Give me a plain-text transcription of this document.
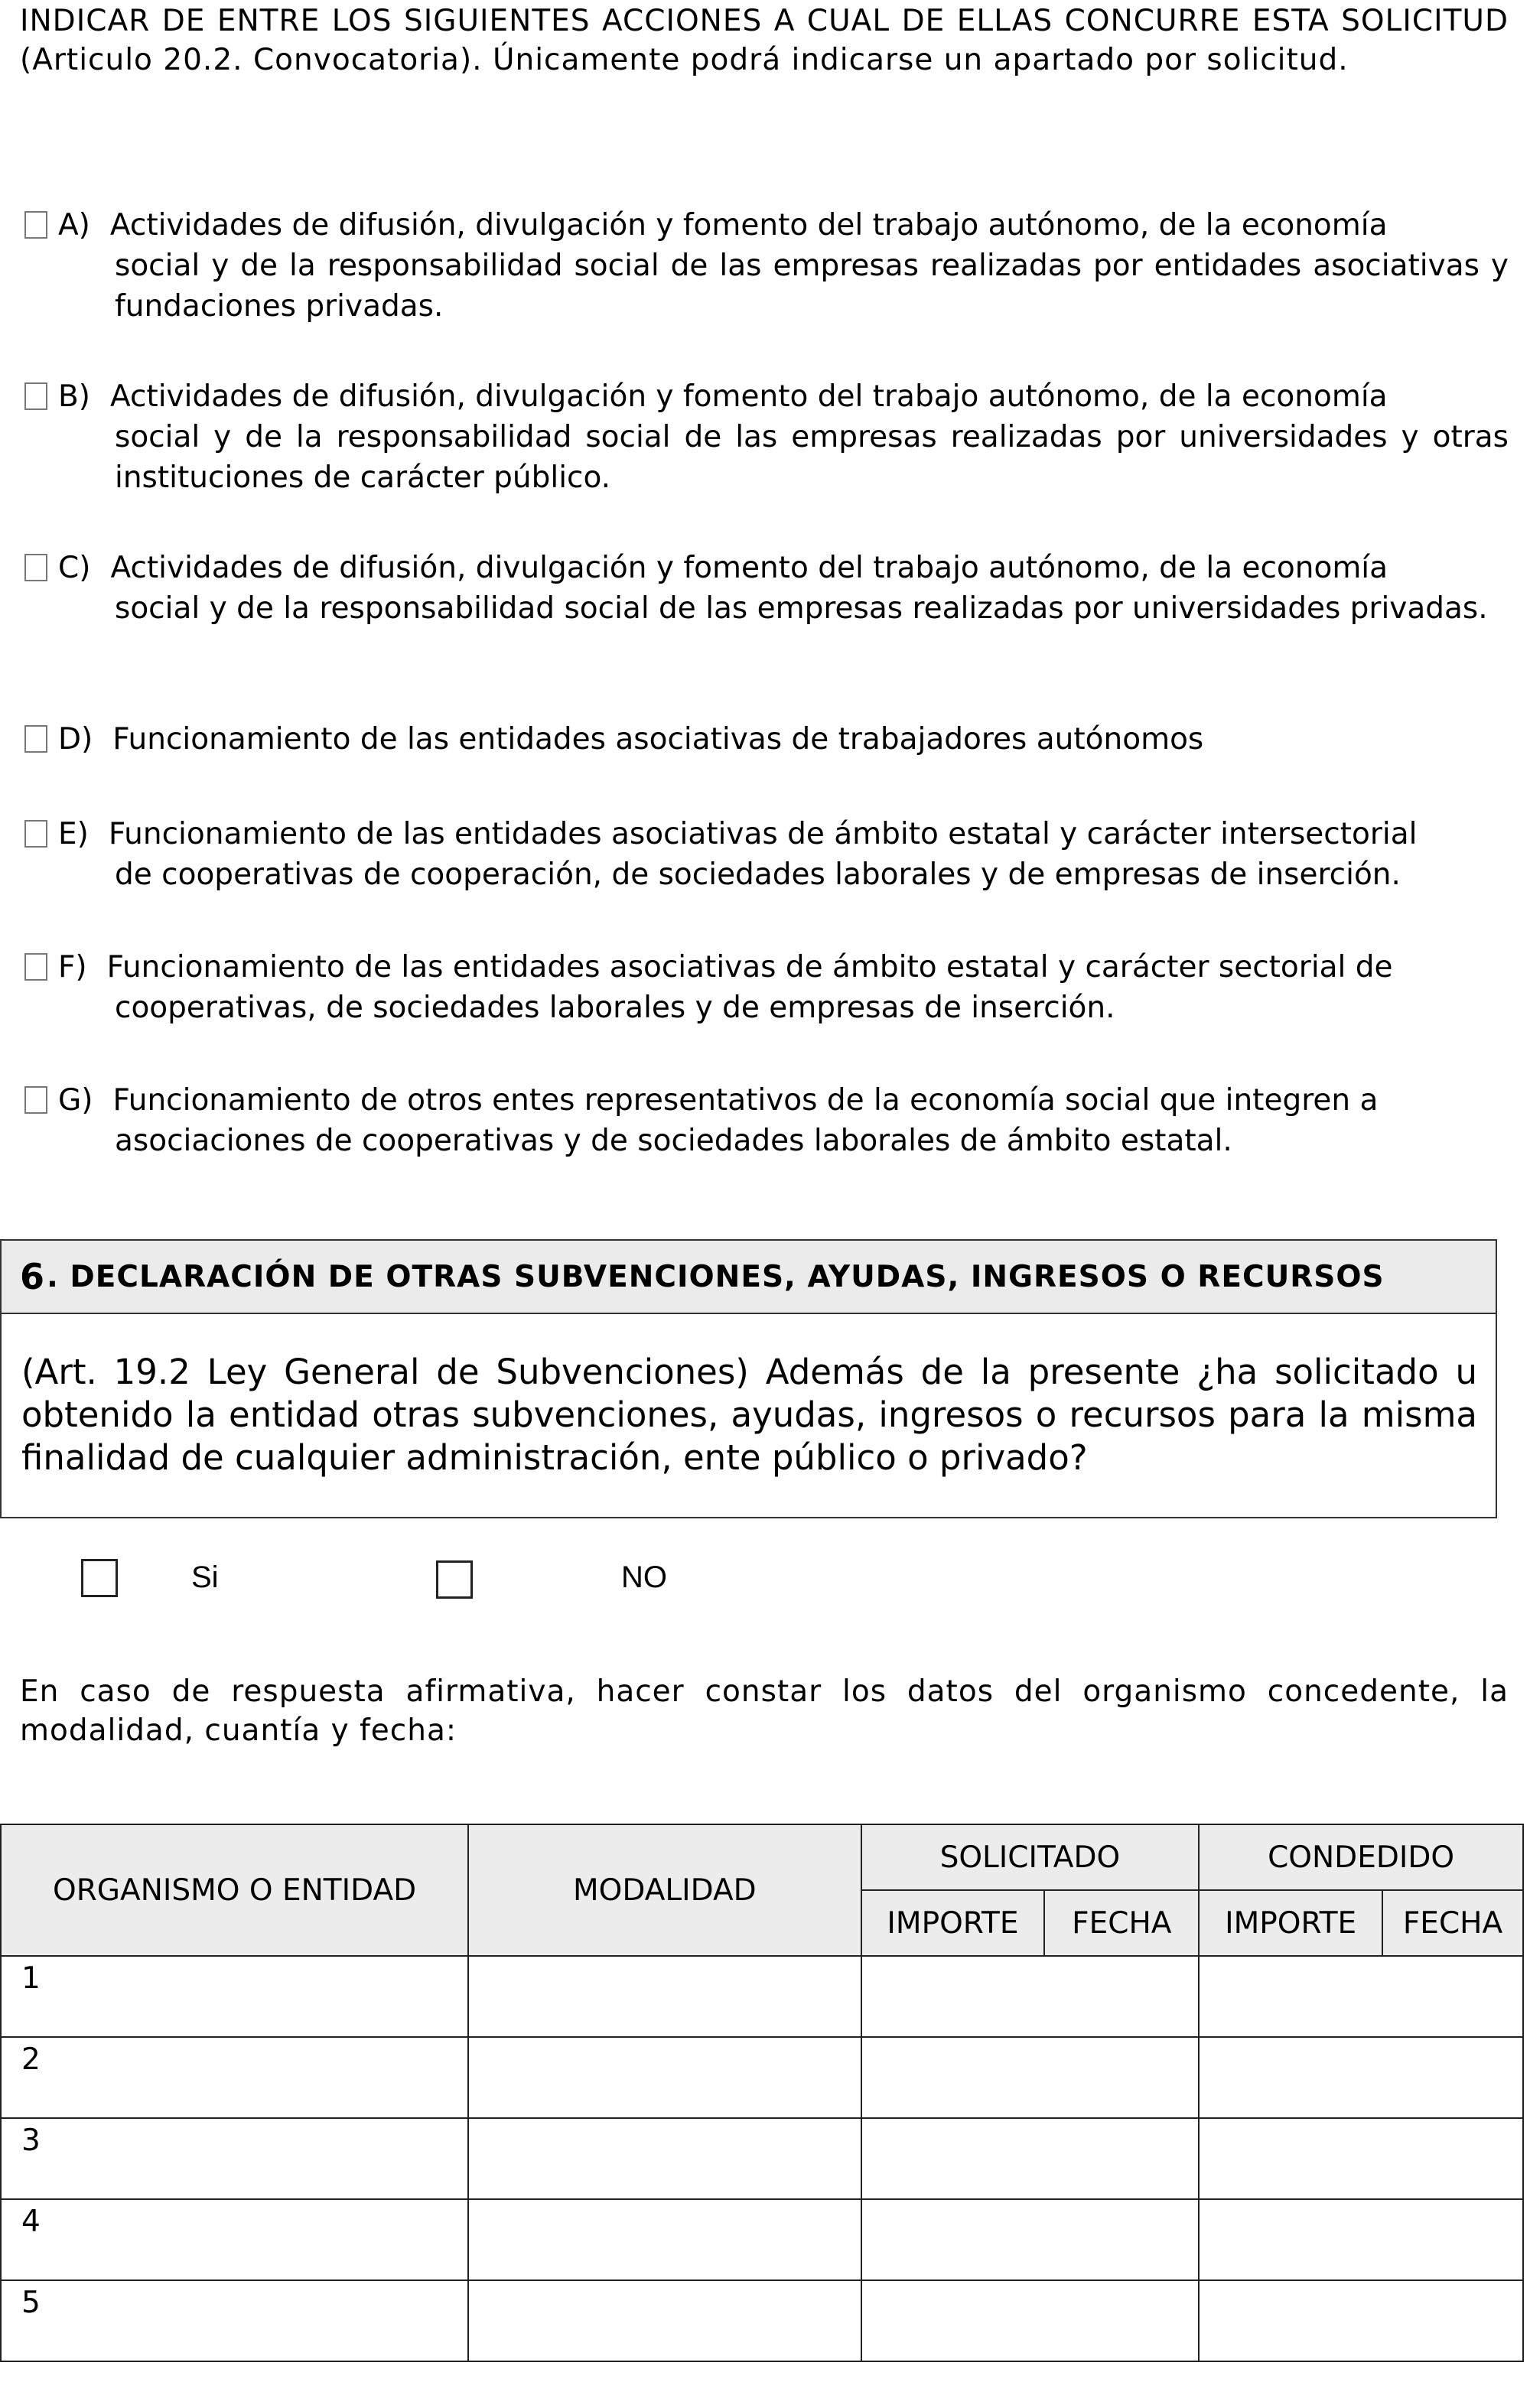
INDICAR DE ENTRE LOS SIGUIENTES ACCIONES A CUAL DE ELLAS CONCURRE ESTA SOLICITUD (Articulo 20.2. Convocatoria). Únicamente podrá indicarse un apartado por solicitud.
A) Actividades de difusión, divulgación y fomento del trabajo autónomo, de la economía

social y de la responsabilidad social de las empresas realizadas por entidades asociativas y fundaciones privadas.

B) Actividades de difusión, divulgación y fomento del trabajo autónomo, de la economía

social y de la responsabilidad social de las empresas realizadas por universidades y otras instituciones de carácter público.

C) Actividades de difusión, divulgación y fomento del trabajo autónomo, de la economía

social y de la responsabilidad social de las empresas realizadas por universidades privadas.

D) Funcionamiento de las entidades asociativas de trabajadores autónomos
E) Funcionamiento de las entidades asociativas de ámbito estatal y carácter intersectorial

de cooperativas de cooperación, de sociedades laborales y de empresas de inserción.

F) Funcionamiento de las entidades asociativas de ámbito estatal y carácter sectorial de

cooperativas, de sociedades laborales y de empresas de inserción.

G) Funcionamiento de otros entes representativos de la economía social que integren a

asociaciones de cooperativas y de sociedades laborales de ámbito estatal.

6 . DECLARACIÓN DE OTRAS SUBVENCIONES, AYUDAS, INGRESOS O RECURSOS
(Art. 19.2 Ley General de Subvenciones) Además de la presente ¿ha solicitado u obtenido la entidad otras subvenciones, ayudas, ingresos o recursos para la misma finalidad de cualquier administración, ente público o privado?
Si	NO
En caso de respuesta afirmativa, hacer constar los datos del organismo concedente, la modalidad, cuantía y fecha:
ORGANISMO O ENTIDAD	MODALIDAD	SOLICITADO		CONDEDIDO	
		IMPORTE	FECHA	IMPORTE	FECHA
1					
2					
3					
4					
5					
